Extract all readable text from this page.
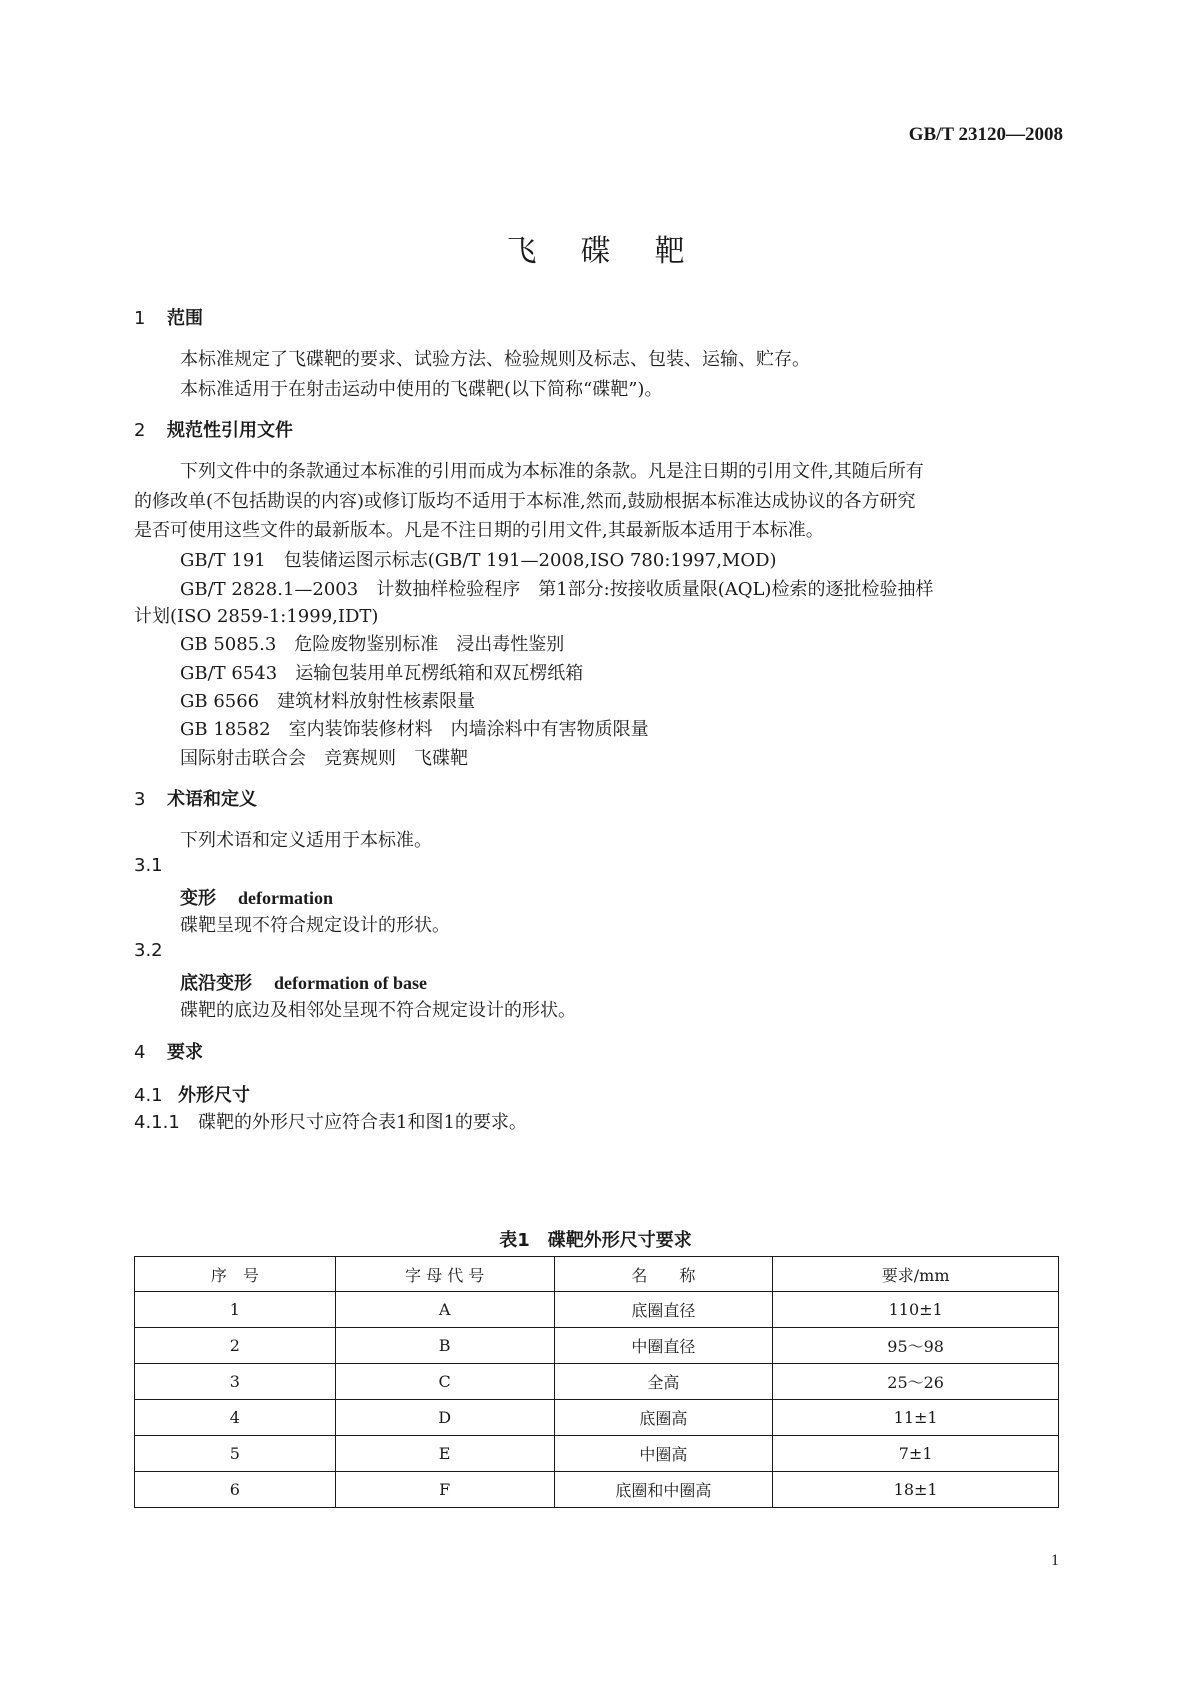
GB/T 23120—2008
飞碟靶
1 范围
本标准规定了飞碟靶的要求、试验方法、检验规则及标志、包装、运输、贮存。
本标准适用于在射击运动中使用的飞碟靶(以下简称“碟靶”)。
2 规范性引用文件
下列文件中的条款通过本标准的引用而成为本标准的条款。凡是注日期的引用文件,其随后所有
的修改单(不包括勘误的内容)或修订版均不适用于本标准,然而,鼓励根据本标准达成协议的各方研究
是否可使用这些文件的最新版本。凡是不注日期的引用文件,其最新版本适用于本标准。
GB/T 191　包装储运图示标志(GB/T 191—2008,ISO 780:1997,MOD)
GB/T 2828.1—2003　计数抽样检验程序　第1部分:按接收质量限(AQL)检索的逐批检验抽样
计划(ISO 2859-1:1999,IDT)
GB 5085.3　危险废物鉴别标准　浸出毒性鉴别
GB/T 6543　运输包装用单瓦楞纸箱和双瓦楞纸箱
GB 6566　建筑材料放射性核素限量
GB 18582　室内装饰装修材料　内墙涂料中有害物质限量
国际射击联合会　竞赛规则　飞碟靶
3 术语和定义
下列术语和定义适用于本标准。
3.1
变形 deformation
碟靶呈现不符合规定设计的形状。
3.2
底沿变形 deformation of base
碟靶的底边及相邻处呈现不符合规定设计的形状。
4 要求
4.1 外形尺寸
4.1.1 碟靶的外形尺寸应符合表1和图1的要求。
表1　碟靶外形尺寸要求
序　号	字 母 代 号	名　　称	要求/mm
1	A	底圈直径	110±1
2	B	中圈直径	95～98
3	C	全高	25～26
4	D	底圈高	11±1
5	E	中圈高	7±1
6	F	底圈和中圈高	18±1
1
